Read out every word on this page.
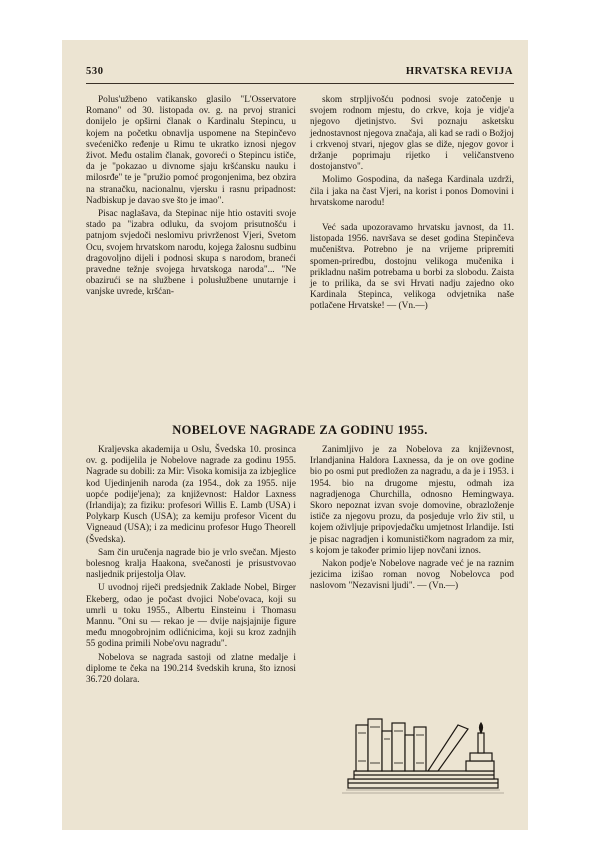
530	HRVATSKA REVIJA

Polus'užbeno vatikansko glasilo "L'Osservatore Romano" od 30. listopada ov. g. na prvoj stranici donijelo je opširni članak o Kardinalu Stepincu, u kojem na početku obnavlja uspomene na Stepinčevo svećeničko ređenje u Rimu te ukratko iznosi njegov život. Među ostalim članak, govoreći o Stepincu ističe, da je "pokazao u divnome sjaju kršćansku nauku i milosrđe" te je "pružio pomoć progonjenima, bez obzira na stranačku, nacionalnu, vjersku i rasnu pripadnost: Nadbiskup je davao sve što je imao".

Pisac naglašava, da Stepinac nije htio ostaviti svoje stado pa "izabra odluku, da svojom prisutnošću i patnjom svjedoči neslomivu privrženost Vjeri, Svetom Ocu, svojem hrvatskom narodu, kojega žalosnu sudbinu dragovoljno dijeli i podnosi skupa s narodom, braneći pravedne težnje svojega hrvatskoga naroda"... "Ne obazirući se na službene i polusłužbene unutarnje i vanjske uvrede, kršćan-

skom strpljivošću podnosi svoje zatočenje u svojem rodnom mjestu, do crkve, koja je vidje'a njegovo djetinjstvo. Svi poznaju asketsku jednostavnost njegova značaja, ali kad se radi o Božjoj i crkvenoj stvari, njegov glas se diže, njegov govor i držanje poprimaju rijetko i veličanstveno dostojanstvo".

Molimo Gospodina, da našega Kardinala uzdrži, čila i jaka na čast Vjeri, na korist i ponos Domovini i hrvatskome narodu!

Već sada upozoravamo hrvatsku javnost, da 11. listopada 1956. navršava se deset godina Stepinčeva mučeništva. Potrebno je na vrijeme pripremiti spomen-priredbu, dostojnu velikoga mučenika i prikladnu našim potrebama u borbi za slobodu. Zaista je to prilika, da se svi Hrvati nadju zajedno oko Kardinala Stepinca, velikoga odvjetnika naše potlačene Hrvatske! — (Vn.—)

NOBELOVE NAGRADE ZA GODINU 1955.

Kraljevska akademija u Oslu, Švedska 10. prosinca ov. g. podijelila je Nobelove nagrade za godinu 1955. Nagrade su dobili: za Mir: Visoka komisija za izbjeglice kod Ujedinjenih naroda (za 1954., dok za 1955. nije uopće podije'jena); za književnost: Haldor Laxness (Irlandija); za fiziku: profesori Willis E. Lamb (USA) i Polykarp Kusch (USA); za kemiju profesor Vicent du Vigneaud (USA); i za medicinu profesor Hugo Theorell (Švedska).

Sam čin uručenja nagrade bio je vrlo svečan. Mjesto bolesnog kralja Haakona, svečanosti je prisustvovao nasljednik prijestolja Olav.

U uvodnoj riječi predsjednik Zaklade Nobel, Birger Ekeberg, odao je počast dvojici Nobe'ovaca, koji su umrli u toku 1955., Albertu Einsteinu i Thomasu Mannu. "Oni su — rekao je — dvije najsjajnije figure među mnogobrojnim odlićnicima, koji su kroz zadnjih 55 godina primili Nobe'ovu nagradu".

Nobelova se nagrada sastoji od zlatne medalje i diplome te čeka na 190.214 švedskih kruna, što iznosi 36.720 dolara.

Zanimljivo je za Nobelova za književnost, Irlandjanina Haldora Laxnessa, da je on ove godine bio po osmi put predložen za nagradu, a da je i 1953. i 1954. bio na drugome mjestu, odmah iza nagradjenoga Churchilla, odnosno Hemingwaya. Skoro nepoznat izvan svoje domovine, obrazloženje ističe za njegovu prozu, da posjeduje vrlo živ stil, u kojem oživljuje pripovjedačku umjetnost Irlandije. Isti je pisac nagradjen i komunističkom nagradom za mir, s kojom je također primio lijep novčani iznos.

Nakon podje'e Nobelove nagrade već je na raznim jezicima izišao roman novog Nobelovca pod naslovom "Nezavisni ljudi". — (Vn.—)
